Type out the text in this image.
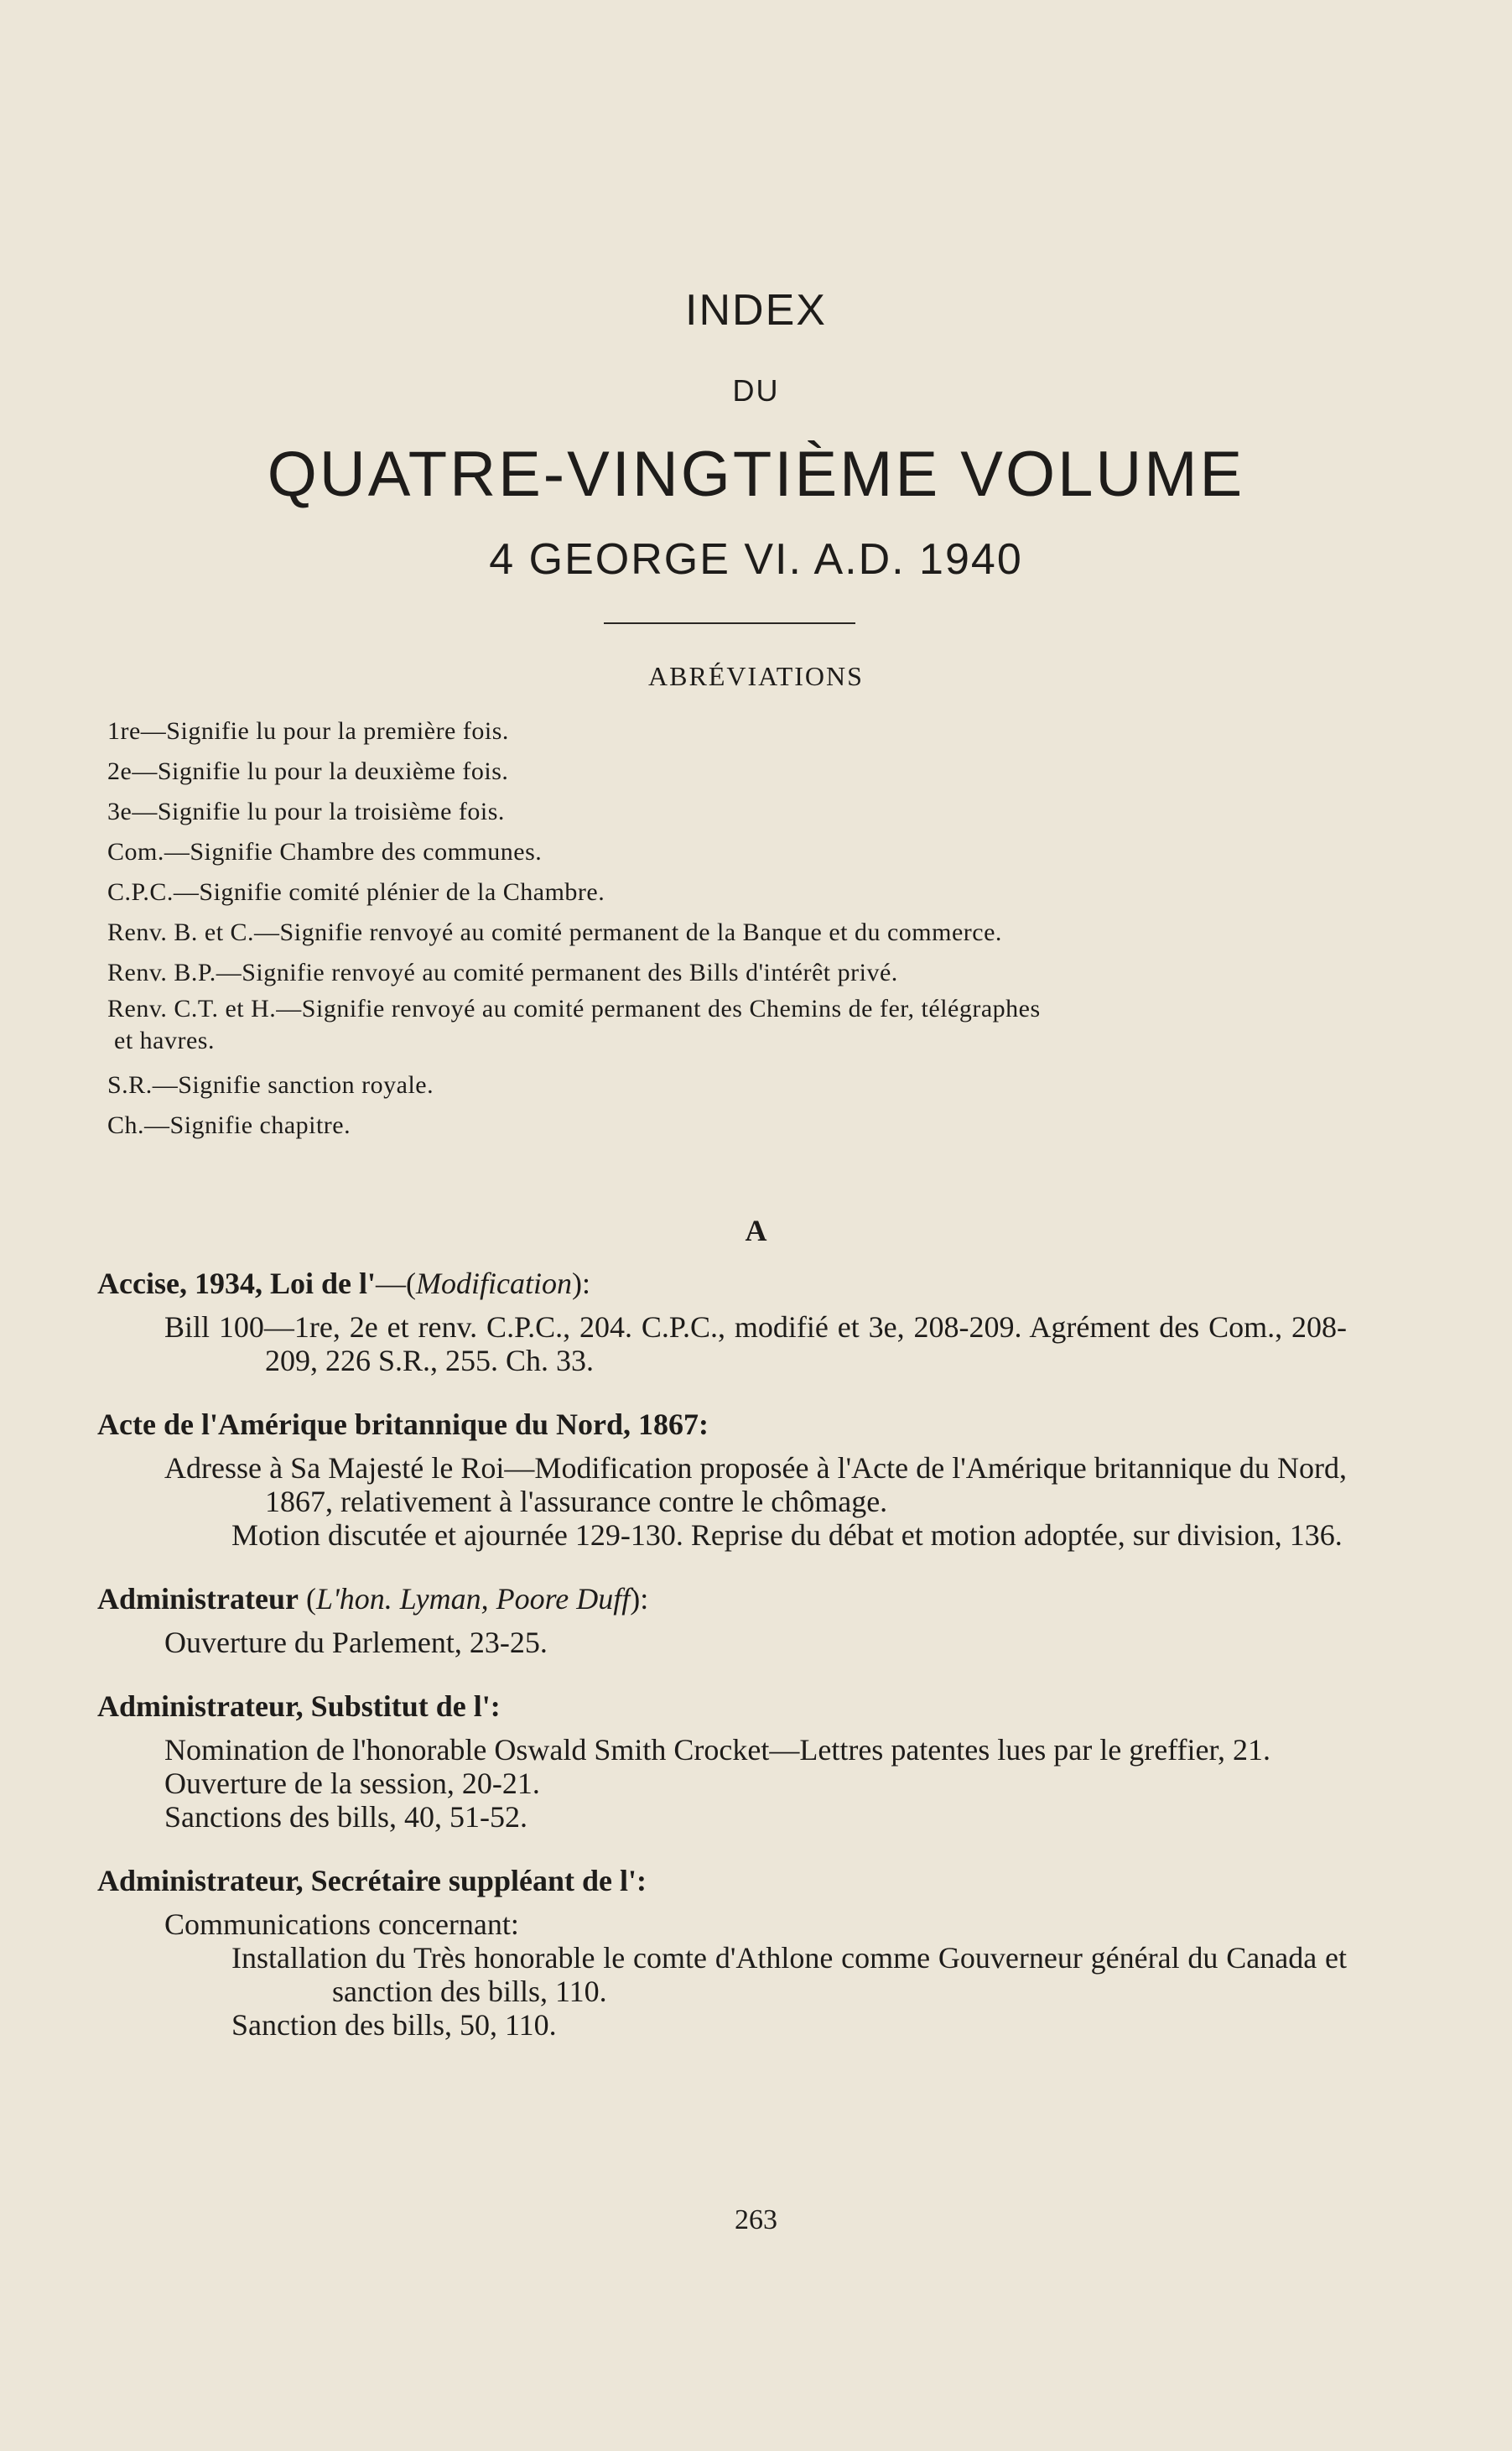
INDEX
DU
QUATRE-VINGTIÈME VOLUME
4 GEORGE VI. A.D. 1940
ABRÉVIATIONS

1re—Signifie lu pour la première fois.

2e—Signifie lu pour la deuxième fois.

3e—Signifie lu pour la troisième fois.

Com.—Signifie Chambre des communes.

C.P.C.—Signifie comité plénier de la Chambre.

Renv. B. et C.—Signifie renvoyé au comité permanent de la Banque et du commerce.

Renv. B.P.—Signifie renvoyé au comité permanent des Bills d'intérêt privé.

Renv. C.T. et H.—Signifie renvoyé au comité permanent des Chemins de fer, télégraphes
et havres.

S.R.—Signifie sanction royale.

Ch.—Signifie chapitre.

A

Accise, 1934, Loi de l'—(Modification):

Bill 100—1re, 2e et renv. C.P.C., 204. C.P.C., modifié et 3e, 208-209. Agrément des Com., 208-209, 226 S.R., 255. Ch. 33.

Acte de l'Amérique britannique du Nord, 1867:

Adresse à Sa Majesté le Roi—Modification proposée à l'Acte de l'Amérique britannique du Nord, 1867, relativement à l'assurance contre le chômage.

Motion discutée et ajournée 129-130. Reprise du débat et motion adoptée, sur division, 136.

Administrateur (L'hon. Lyman, Poore Duff):

Ouverture du Parlement, 23-25.

Administrateur, Substitut de l':

Nomination de l'honorable Oswald Smith Crocket—Lettres patentes lues par le greffier, 21.

Ouverture de la session, 20-21.

Sanctions des bills, 40, 51-52.

Administrateur, Secrétaire suppléant de l':

Communications concernant:

Installation du Très honorable le comte d'Athlone comme Gouverneur général du Canada et sanction des bills, 110.

Sanction des bills, 50, 110.

263
